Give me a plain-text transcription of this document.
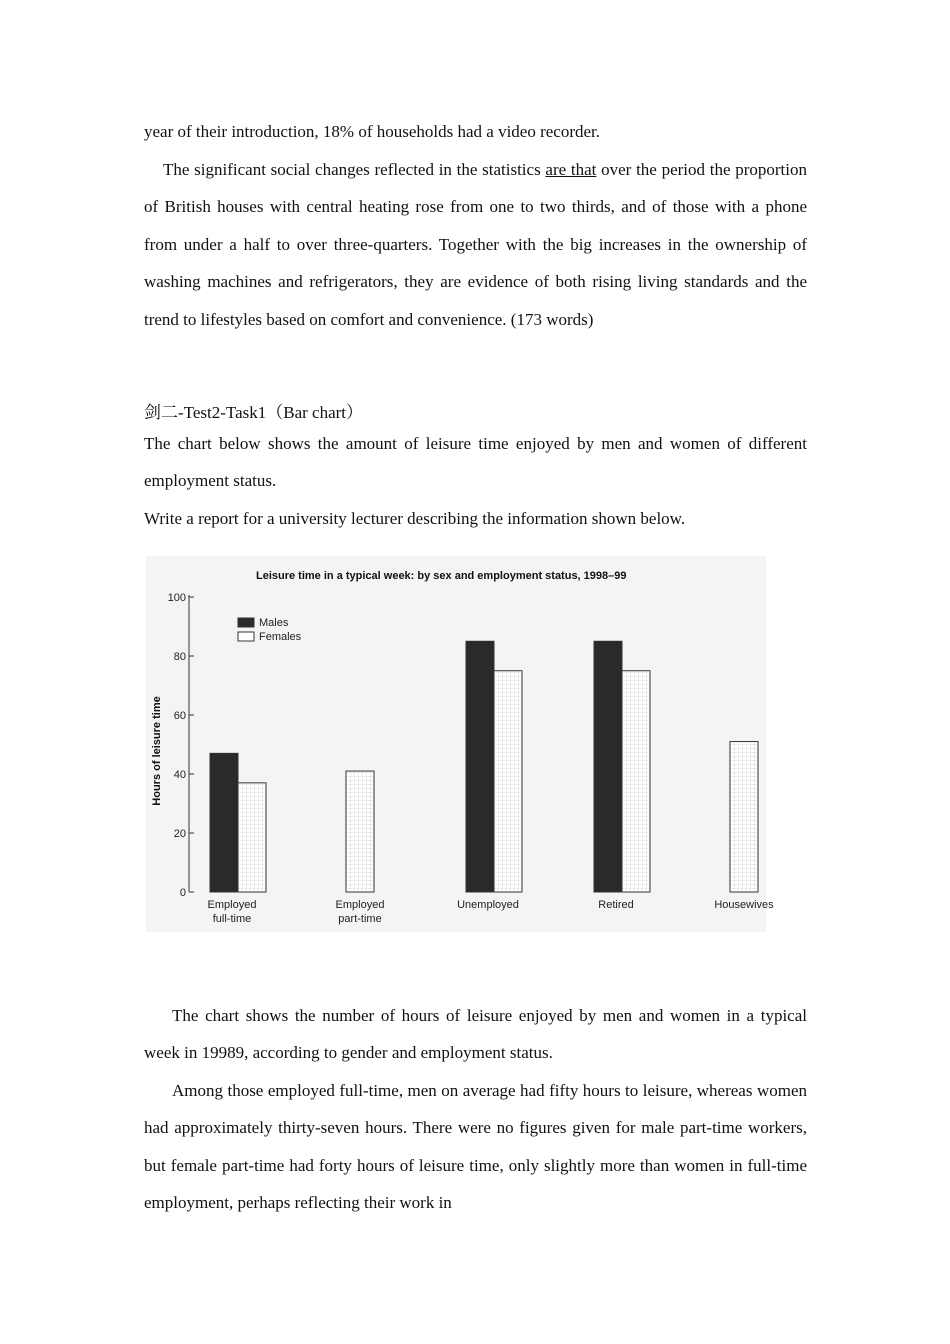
year of their introduction, 18% of households had a video recorder.

The significant social changes reflected in the statistics are that over the period the proportion of British houses with central heating rose from one to two thirds, and of those with a phone from under a half to over three-quarters. Together with the big increases in the ownership of washing machines and refrigerators, they are evidence of both rising living standards and the trend to lifestyles based on comfort and convenience. (173 words)

剑二-Test2-Task1（Bar chart）

The chart below shows the amount of leisure time enjoyed by men and women of different employment status.

Write a report for a university lecturer describing the information shown below.

Leisure time in a typical week: by sex and employment status, 1998–99
Hours of leisure time
0
20
40
60
80
100
Employed
full-time
Employed
part-time
Unemployed	Retired	Housewives
Males
Females

The chart shows the number of hours of leisure enjoyed by men and women in a typical week in 19989, according to gender and employment status.

Among those employed full-time, men on average had fifty hours to leisure, whereas women had approximately thirty-seven hours. There were no figures given for male part-time workers, but female part-time had forty hours of leisure time, only slightly more than women in full-time employment, perhaps reflecting their work in
